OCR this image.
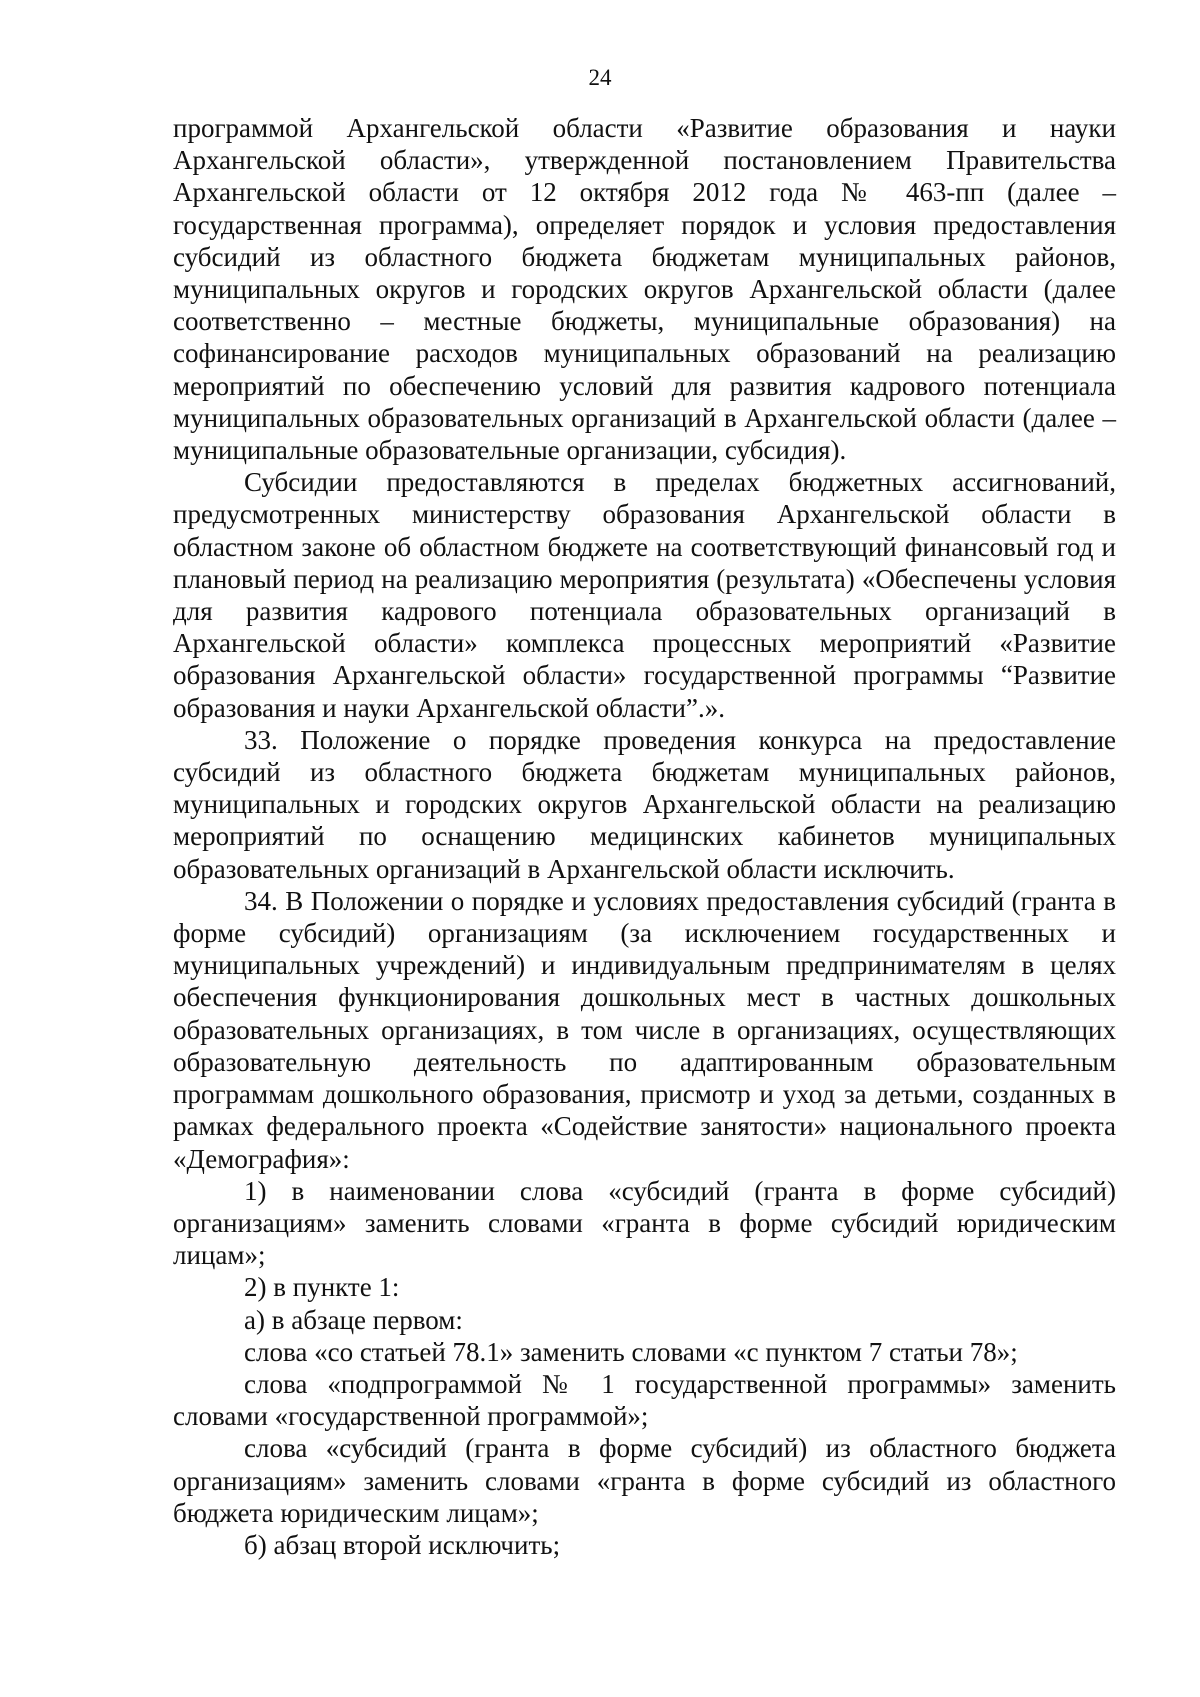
24

программой Архангельской области «Развитие образования и науки Архангельской области», утвержденной постановлением Правительства Архангельской области от 12 октября 2012 года № 463-пп (далее – государственная программа), определяет порядок и условия предоставления субсидий из областного бюджета бюджетам муниципальных районов, муниципальных округов и городских округов Архангельской области (далее соответственно – местные бюджеты, муниципальные образования) на софинансирование расходов муниципальных образований на реализацию мероприятий по обеспечению условий для развития кадрового потенциала муниципальных образовательных организаций в Архангельской области (далее – муниципальные образовательные организации, субсидия).

Субсидии предоставляются в пределах бюджетных ассигнований, предусмотренных министерству образования Архангельской области в областном законе об областном бюджете на соответствующий финансовый год и плановый период на реализацию мероприятия (результата) «Обеспечены условия для развития кадрового потенциала образовательных организаций в Архангельской области» комплекса процессных мероприятий «Развитие образования Архангельской области» государственной программы “Развитие образования и науки Архангельской области”.».

33. Положение о порядке проведения конкурса на предоставление субсидий из областного бюджета бюджетам муниципальных районов, муниципальных и городских округов Архангельской области на реализацию мероприятий по оснащению медицинских кабинетов муниципальных образовательных организаций в Архангельской области исключить.

34. В Положении о порядке и условиях предоставления субсидий (гранта в форме субсидий) организациям (за исключением государственных и муниципальных учреждений) и индивидуальным предпринимателям в целях обеспечения функционирования дошкольных мест в частных дошкольных образовательных организациях, в том числе в организациях, осуществляющих образовательную деятельность по адаптированным образовательным программам дошкольного образования, присмотр и уход за детьми, созданных в рамках федерального проекта «Содействие занятости» национального проекта «Демография»:

1) в наименовании слова «субсидий (гранта в форме субсидий) организациям» заменить словами «гранта в форме субсидий юридическим лицам»;

2) в пункте 1:

а) в абзаце первом:

слова «со статьей 78.1» заменить словами «с пунктом 7 статьи 78»;

слова «подпрограммой № 1 государственной программы» заменить словами «государственной программой»;

слова «субсидий (гранта в форме субсидий) из областного бюджета организациям» заменить словами «гранта в форме субсидий из областного бюджета юридическим лицам»;

б) абзац второй исключить;
